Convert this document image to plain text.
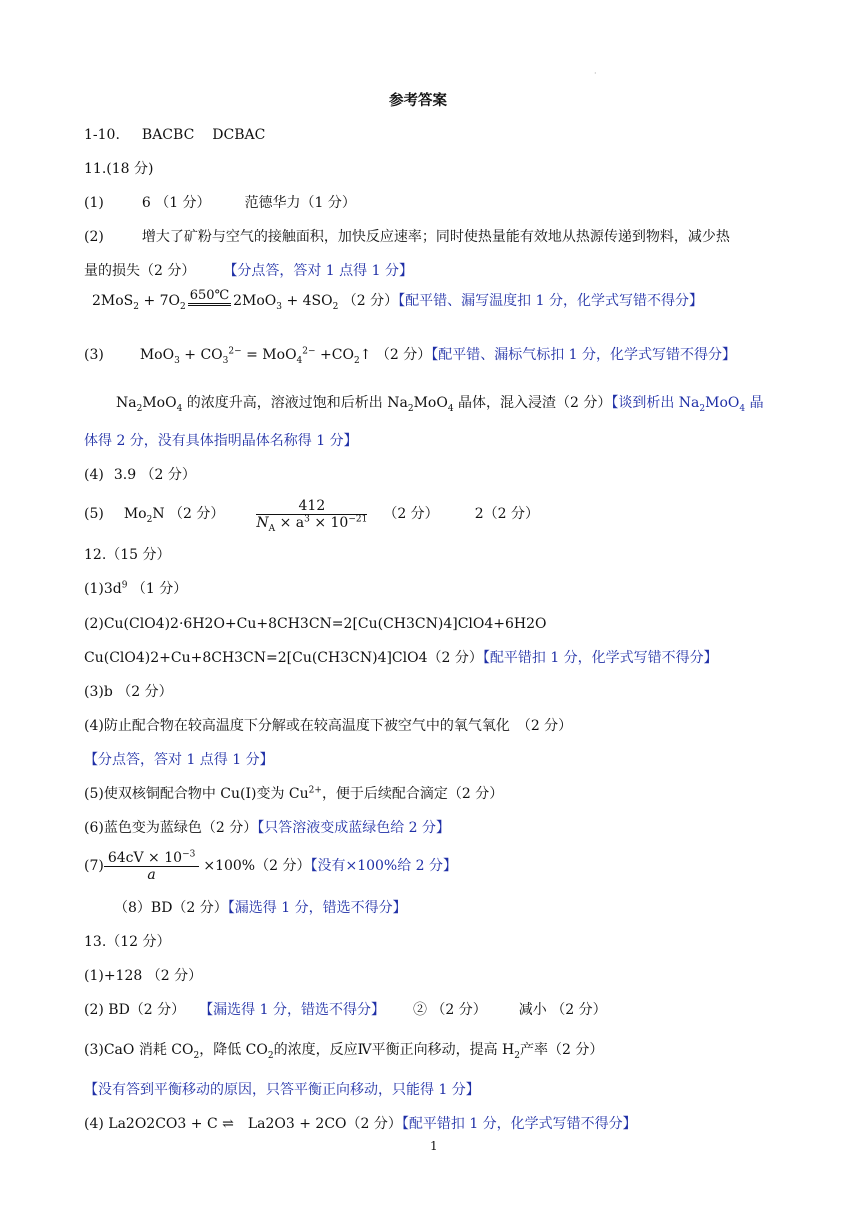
·
参考答案
1-10. BACBC DCBAC
11.(18 分)
(1)	6 （1 分） 范德华力（1 分）
(2)	增大了矿粉与空气的接触面积，加快反应速率；同时使热量能有效地从热源传递到物料，减少热
量的损失（2 分） 【分点答，答对 1 点得 1 分】
$2MoS_2 + 7O_2$
650℃ $2MoO_3 + 4SO_2$ （2 分）【配平错、漏写温度扣 1 分，化学式写错不得分】
(3)	$MoO_3 + CO_3^{2-} = MoO_4^{2-}$ $+CO_2↑$ （2 分）【配平错、漏标气标扣 1 分，化学式写错不得分】
$Na_2MoO_4$ 的浓度升高，溶液过饱和后析出 $Na_2MoO_4$ 晶体，混入浸渣（2 分）【谈到析出 $Na_2MoO_4$ 晶
体得 2 分，没有具体指明晶体名称得 1 分】
(4) 3.9 （2 分）
(5) $Mo_2N$ （2 分） $\frac{412}{N_A \times a^3 \times 10^{-21}} (2$ 分）	2（2 分）
12.（15 分）
$(1)3d^9$ （1 分）
(2)Cu(ClO4)2·6H2O+Cu+8CH3CN=2[Cu(CH3CN)4]ClO4+6H2O
Cu(ClO4)2+Cu+8CH3CN=2[Cu(CH3CN)4]ClO4（2 分）【配平错扣 1 分，化学式写错不得分】
(3)b （2 分）
(4)防止配合物在较高温度下分解或在较高温度下被空气中的氧气氧化　（2 分）
【分点答，答对 1 点得 1 分】
(5)使双核铜配合物中 Cu(I)变为 $Cu^{2+}$，便于后续配合滴定（2 分）
(6)蓝色变为蓝绿色（2 分）【只答溶液变成蓝绿色给 2 分】
$(7) \frac{64cV \times 10^{-3}}{a} \times 100\%(2$ 分）【没有×100%给 2 分】
（8）BD（2 分）【漏选得 1 分，错选不得分】
13.（12 分）
(1)+128 （2 分）
(2) BD（2 分） 【漏选得 1 分，错选不得分】 ② （2 分） 减小 （2 分）
(3)CaO 消耗 $CO_2$，降低 $CO_2$的浓度，反应Ⅳ平衡正向移动，提高 $H_2$产率（2 分）
【没有答到平衡移动的原因，只答平衡正向移动，只能得 1 分】
(4) La2O2CO3 + C ⇌ La2O3 + 2CO（2 分）【配平错扣 1 分，化学式写错不得分】
1
